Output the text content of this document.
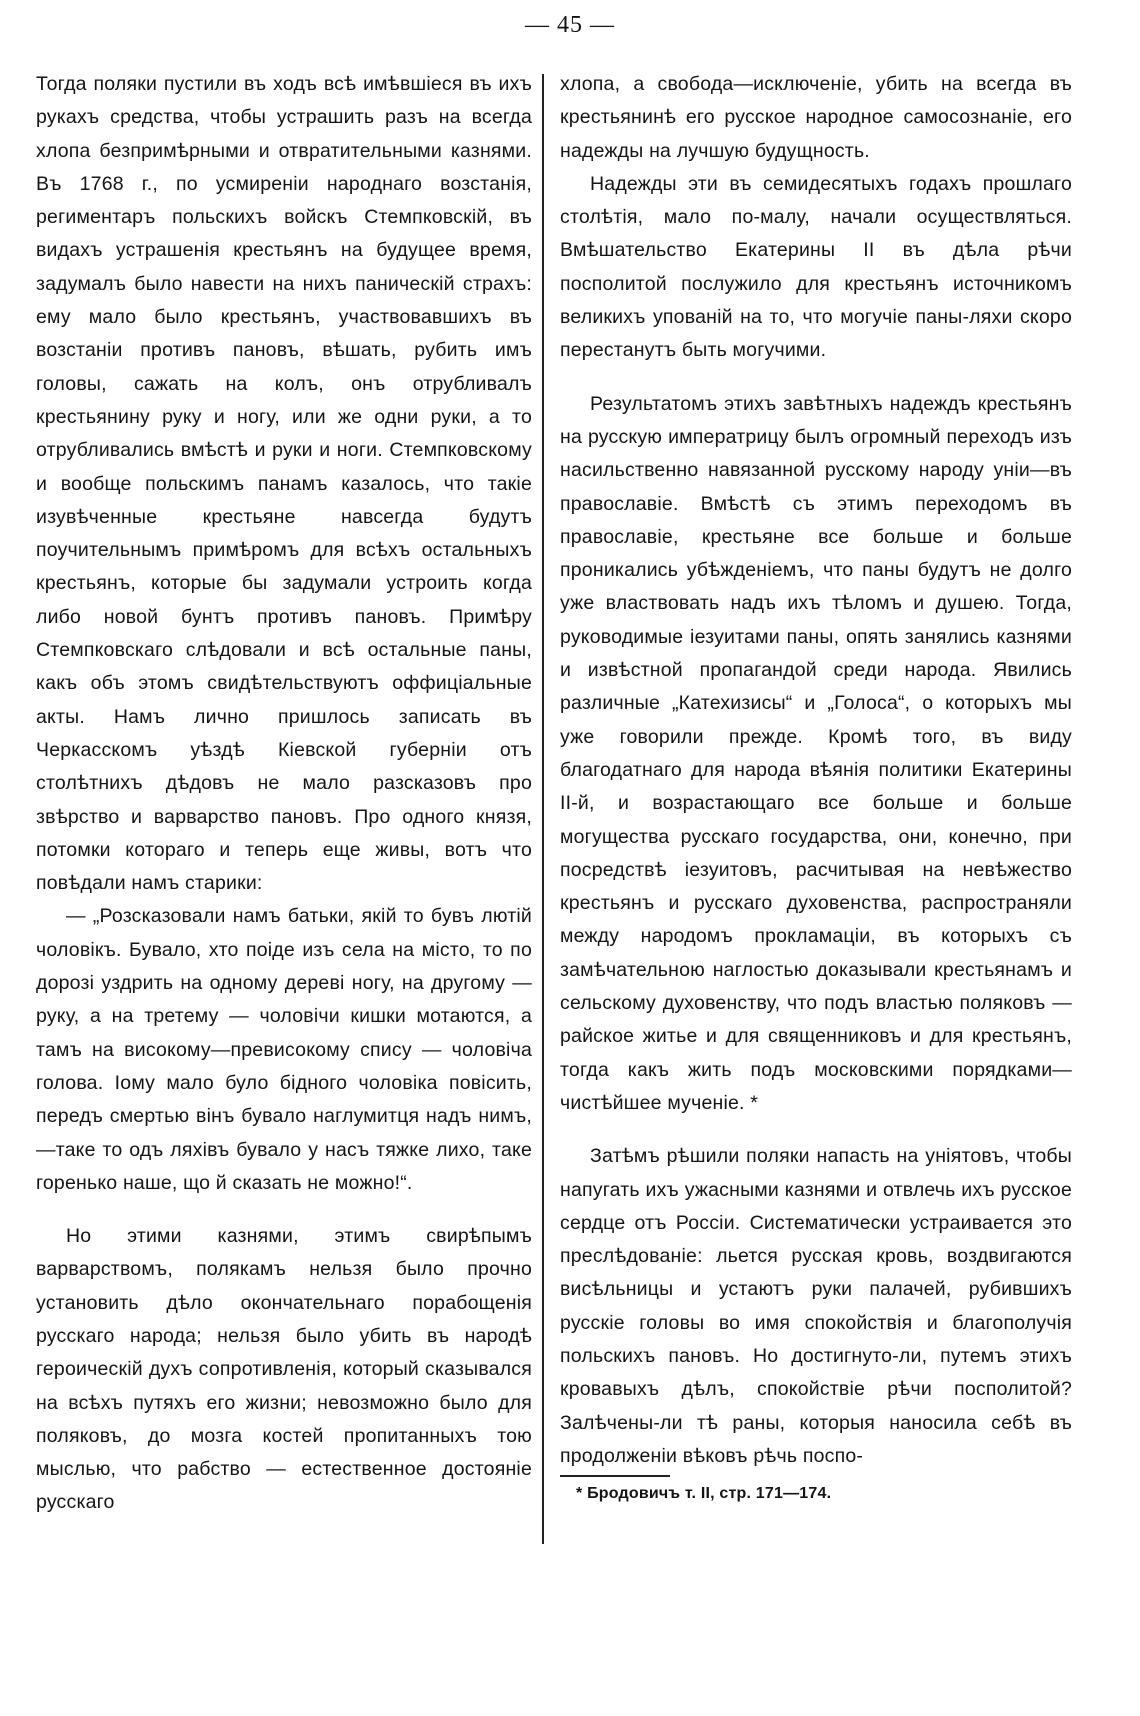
— 45 —

Тогда поляки пустили въ ходъ всѣ имѣвшіеся въ ихъ рукахъ средства, чтобы устрашить разъ на всегда хлопа безпримѣрными и отвратительными казнями. Въ 1768 г., по усмиреніи народнаго возстанія, региментаръ польскихъ войскъ Стемпковскій, въ видахъ устрашенія крестьянъ на будущее время, задумалъ было навести на нихъ паническій страхъ: ему мало было крестьянъ, участвовавшихъ въ возстаніи противъ пановъ, вѣшать, рубить имъ головы, сажать на колъ, онъ отрубливалъ крестьянину руку и ногу, или же одни руки, а то отрубливались вмѣстѣ и руки и ноги. Стемпковскому и вообще польскимъ панамъ казалось, что такіе изувѣченные крестьяне навсегда будутъ поучительнымъ примѣромъ для всѣхъ остальныхъ крестьянъ, которые бы задумали устроить когда либо новой бунтъ противъ пановъ. Примѣру Стемпковскаго слѣдовали и всѣ остальные паны, какъ объ этомъ свидѣтельствуютъ оффиціальные акты. Намъ лично пришлось записать въ Черкасскомъ уѣздѣ Кіевской губерніи отъ столѣтнихъ дѣдовъ не мало разсказовъ про звѣрство и варварство пановъ. Про одного князя, потомки котораго и теперь еще живы, вотъ что повѣдали намъ старики:

— „Розсказовали намъ батьки, якій то бувъ лютій чоловікъ. Бувало, хто поіде изъ села на місто, то по дорозі уздрить на одному дереві ногу, на другому — руку, а на третему — чоловічи кишки мотаются, а тамъ на високому—превисокому спису — чоловіча голова. Іому мало було бідного чоловіка повісить, передъ смертью вінъ бувало наглумитця надъ нимъ,—таке то одъ ляхівъ бувало у насъ тяжке лихо, таке горенько наше, що й сказать не можно!“.

Но этими казнями, этимъ свирѣпымъ варварствомъ, полякамъ нельзя было прочно установить дѣло окончательнаго порабощенія русскаго народа; нельзя было убить въ народѣ героическій духъ сопротивленія, который сказывался на всѣхъ путяхъ его жизни; невозможно было для поляковъ, до мозга костей пропитанныхъ тою мыслью, что рабство — естественное достояніе русскаго

хлопа, а свобода—исключеніе, убить на всегда въ крестьянинѣ его русское народное самосознаніе, его надежды на лучшую будущность.

Надежды эти въ семидесятыхъ годахъ прошлаго столѣтія, мало по-малу, начали осуществляться. Вмѣшательство Екатерины II въ дѣла рѣчи посполитой послужило для крестьянъ источникомъ великихъ упованій на то, что могучіе паны-ляхи скоро перестанутъ быть могучими.

Результатомъ этихъ завѣтныхъ надеждъ крестьянъ на русскую императрицу былъ огромный переходъ изъ насильственно навязанной русскому народу уніи—въ православіе. Вмѣстѣ съ этимъ переходомъ въ православіе, крестьяне все больше и больше проникались убѣжденіемъ, что паны будутъ не долго уже властвовать надъ ихъ тѣломъ и душею. Тогда, руководимые іезуитами паны, опять занялись казнями и извѣстной пропагандой среди народа. Явились различные „Катехизисы“ и „Голоса“, о которыхъ мы уже говорили прежде. Кромѣ того, въ виду благодатнаго для народа вѣянія политики Екатерины II-й, и возрастающаго все больше и больше могущества русскаго государства, они, конечно, при посредствѣ іезуитовъ, расчитывая на невѣжество крестьянъ и русскаго духовенства, распространяли между народомъ прокламаціи, въ которыхъ съ замѣчательною наглостью доказывали крестьянамъ и сельскому духовенству, что подъ властью поляковъ — райское житье и для священниковъ и для крестьянъ, тогда какъ жить подъ московскими порядками—чистѣйшее мученіе. *

Затѣмъ рѣшили поляки напасть на уніятовъ, чтобы напугать ихъ ужасными казнями и отвлечь ихъ русское сердце отъ Россіи. Систематически устраивается это преслѣдованіе: льется русская кровь, воздвигаются висѣльницы и устаютъ руки палачей, рубившихъ русскіе головы во имя спокойствія и благополучія польскихъ пановъ. Но достигнуто-ли, путемъ этихъ кровавыхъ дѣлъ, спокойствіе рѣчи посполитой? Залѣчены-ли тѣ раны, которыя наносила себѣ въ продолженіи вѣковъ рѣчь поспо-

* Бродовичъ т. II, стр. 171—174.
